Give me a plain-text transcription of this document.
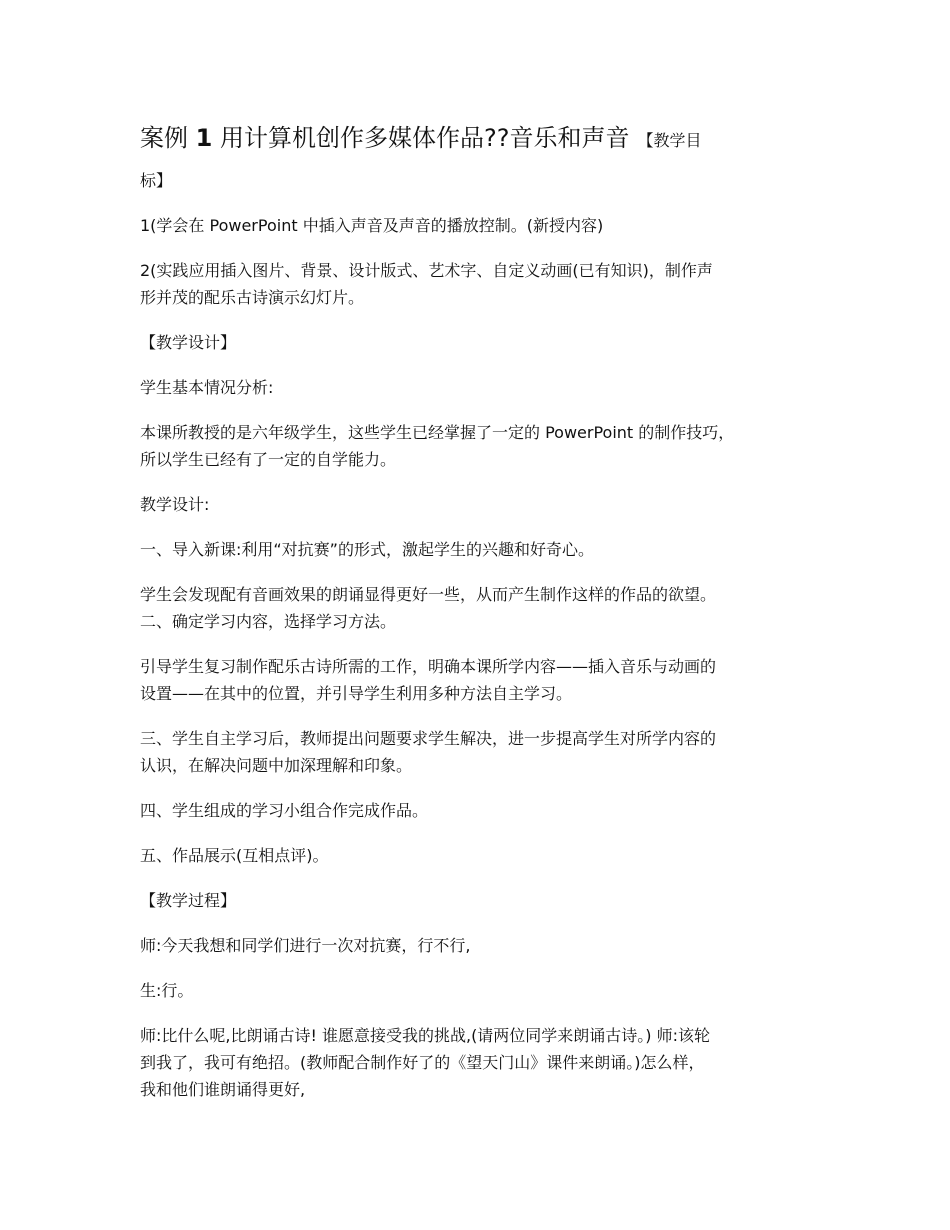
案例 1 用计算机创作多媒体作品??音乐和声音 【教学目

标】

1(学会在 PowerPoint 中插入声音及声音的播放控制。(新授内容)

2(实践应用插入图片、背景、设计版式、艺术字、自定义动画(已有知识)，制作声

形并茂的配乐古诗演示幻灯片。

【教学设计】

学生基本情况分析:

本课所教授的是六年级学生，这些学生已经掌握了一定的 PowerPoint 的制作技巧，

所以学生已经有了一定的自学能力。

教学设计:

一、导入新课:利用“对抗赛”的形式，激起学生的兴趣和好奇心。

学生会发现配有音画效果的朗诵显得更好一些，从而产生制作这样的作品的欲望。

二、确定学习内容，选择学习方法。

引导学生复习制作配乐古诗所需的工作，明确本课所学内容——插入音乐与动画的

设置——在其中的位置，并引导学生利用多种方法自主学习。

三、学生自主学习后，教师提出问题要求学生解决，进一步提高学生对所学内容的

认识，在解决问题中加深理解和印象。

四、学生组成的学习小组合作完成作品。

五、作品展示(互相点评)。

【教学过程】

师:今天我想和同学们进行一次对抗赛，行不行,

生:行。

师:比什么呢,比朗诵古诗! 谁愿意接受我的挑战,(请两位同学来朗诵古诗。) 师:该轮

到我了，我可有绝招。(教师配合制作好了的《望天门山》课件来朗诵。)怎么样，

我和他们谁朗诵得更好,
